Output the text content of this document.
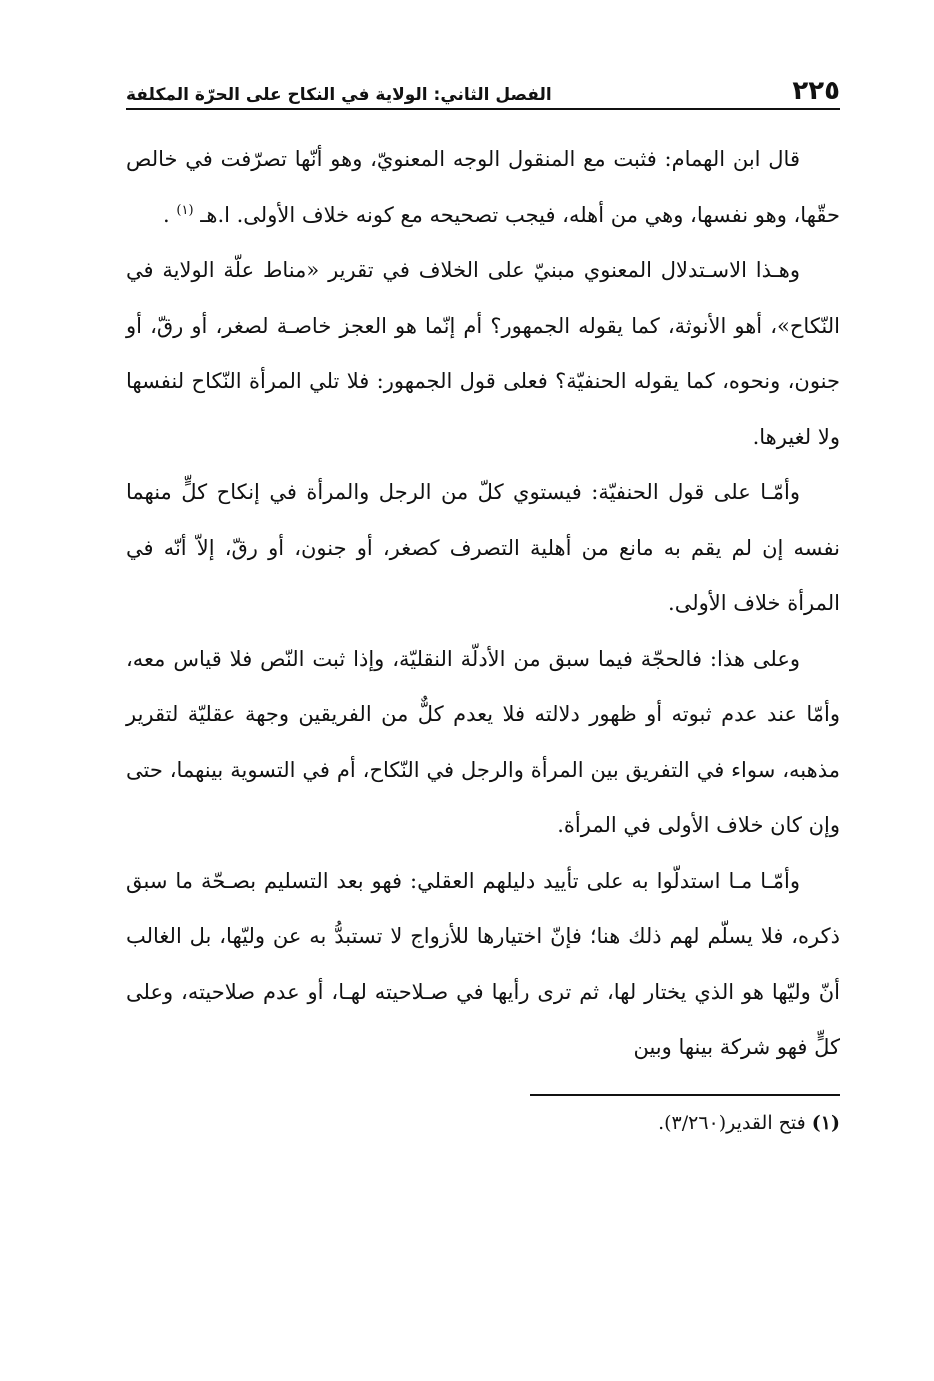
٢٢٥
الفصل الثاني: الولاية في النكاح على الحرّة المكلفة

قال ابن الهمام: فثبت مع المنقول الوجه المعنويّ، وهو أنّها تصرّفت في خالص حقّها، وهو نفسها، وهي من أهله، فيجب تصحيحه مع كونه خلاف الأولى. ا.هـ $^{(١)}$ .

وهـذا الاسـتدلال المعنوي مبنيّ على الخلاف في تقرير «مناط علّة الولاية في النّكاح»، أهو الأنوثة، كما يقوله الجمهور؟ أم إنّما هو العجز خاصـة لصغر، أو رقّ، أو جنون، ونحوه، كما يقوله الحنفيّة؟ فعلى قول الجمهور: فلا تلي المرأة النّكاح لنفسها ولا لغيرها.

وأمّـا على قول الحنفيّة: فيستوي كلّ من الرجل والمرأة في إنكاح كلٍّ منهما نفسه إن لم يقم به مانع من أهلية التصرف كصغر، أو جنون، أو رقّ، إلاّ أنّه في المرأة خلاف الأولى.

وعلى هذا: فالحجّة فيما سبق من الأدلّة النقليّة، وإذا ثبت النّص فلا قياس معه، وأمّا عند عدم ثبوته أو ظهور دلالته فلا يعدم كلٌّ من الفريقين وجهة عقليّة لتقرير مذهبه، سواء في التفريق بين المرأة والرجل في النّكاح، أم في التسوية بينهما، حتى وإن كان خلاف الأولى في المرأة.

وأمّـا مـا استدلّوا به على تأييد دليلهم العقلي: فهو بعد التسليم بصـحّة ما سبق ذكره، فلا يسلّم لهم ذلك هنا؛ فإنّ اختيارها للأزواج لا تستبدُّ به عن وليّها، بل الغالب أنّ وليّها هو الذي يختار لها، ثم ترى رأيها في صـلاحيته لهـا، أو عدم صلاحيته، وعلى كلٍّ فهو شركة بينها وبين

(١) فتح القدير(٣/٢٦٠).
